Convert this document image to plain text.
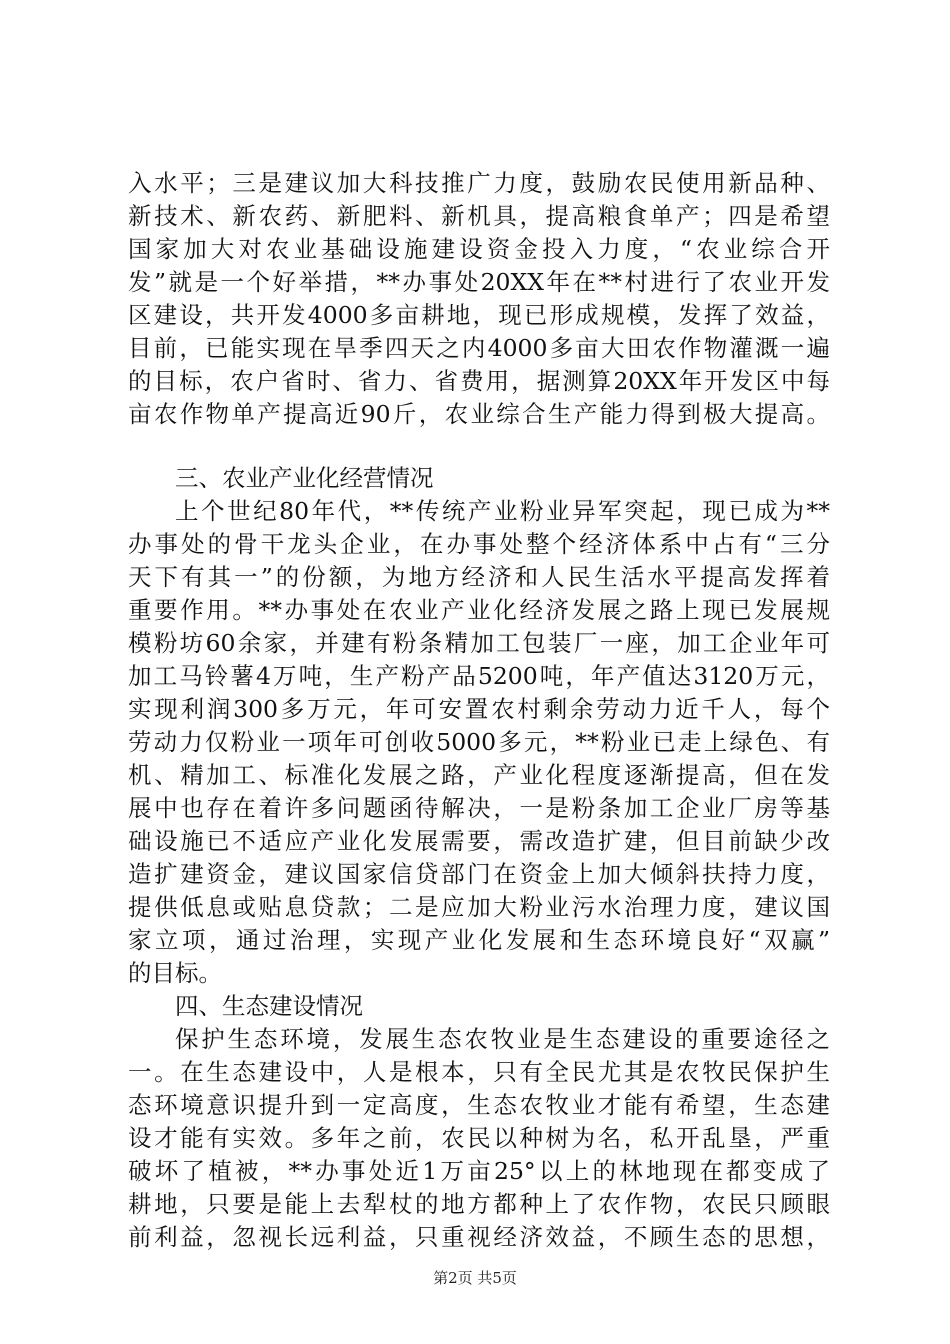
入水平；三是建议加大科技推广力度，鼓励农民使用新品种、
新技术、新农药、新肥料、新机具，提高粮食单产；四是希望
国家加大对农业基础设施建设资金投入力度，“农业综合开
发”就是一个好举措，**办事处20XX年在**村进行了农业开发
区建设，共开发4000多亩耕地，现已形成规模，发挥了效益，
目前，已能实现在旱季四天之内4000多亩大田农作物灌溉一遍
的目标，农户省时、省力、省费用，据测算20XX年开发区中每
亩农作物单产提高近90斤，农业综合生产能力得到极大提高。
三、农业产业化经营情况
上个世纪80年代，**传统产业粉业异军突起，现已成为**
办事处的骨干龙头企业，在办事处整个经济体系中占有“三分
天下有其一”的份额，为地方经济和人民生活水平提高发挥着
重要作用。**办事处在农业产业化经济发展之路上现已发展规
模粉坊60余家，并建有粉条精加工包装厂一座，加工企业年可
加工马铃薯4万吨，生产粉产品5200吨，年产值达3120万元，
实现利润300多万元，年可安置农村剩余劳动力近千人，每个
劳动力仅粉业一项年可创收5000多元，**粉业已走上绿色、有
机、精加工、标准化发展之路，产业化程度逐渐提高，但在发
展中也存在着许多问题函待解决，一是粉条加工企业厂房等基
础设施已不适应产业化发展需要，需改造扩建，但目前缺少改
造扩建资金，建议国家信贷部门在资金上加大倾斜扶持力度，
提供低息或贴息贷款；二是应加大粉业污水治理力度，建议国
家立项，通过治理，实现产业化发展和生态环境良好“双赢”
的目标。
四、生态建设情况
保护生态环境，发展生态农牧业是生态建设的重要途径之
一。在生态建设中，人是根本，只有全民尤其是农牧民保护生
态环境意识提升到一定高度，生态农牧业才能有希望，生态建
设才能有实效。多年之前，农民以种树为名，私开乱垦，严重
破坏了植被，**办事处近1万亩25°以上的林地现在都变成了
耕地，只要是能上去犁杖的地方都种上了农作物，农民只顾眼
前利益，忽视长远利益，只重视经济效益，不顾生态的思想，
第2页 共5页
